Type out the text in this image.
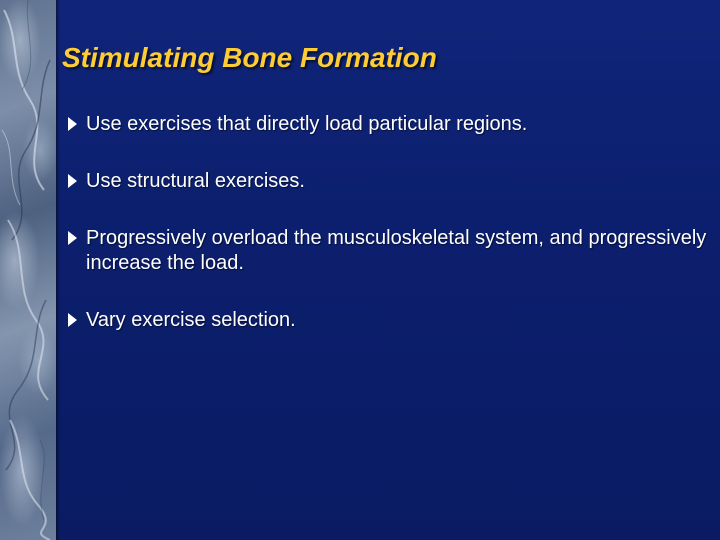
Stimulating Bone Formation
Use exercises that directly load particular regions.
Use structural exercises.
Progressively overload the musculoskeletal system, and progressively increase the load.
Vary exercise selection.
